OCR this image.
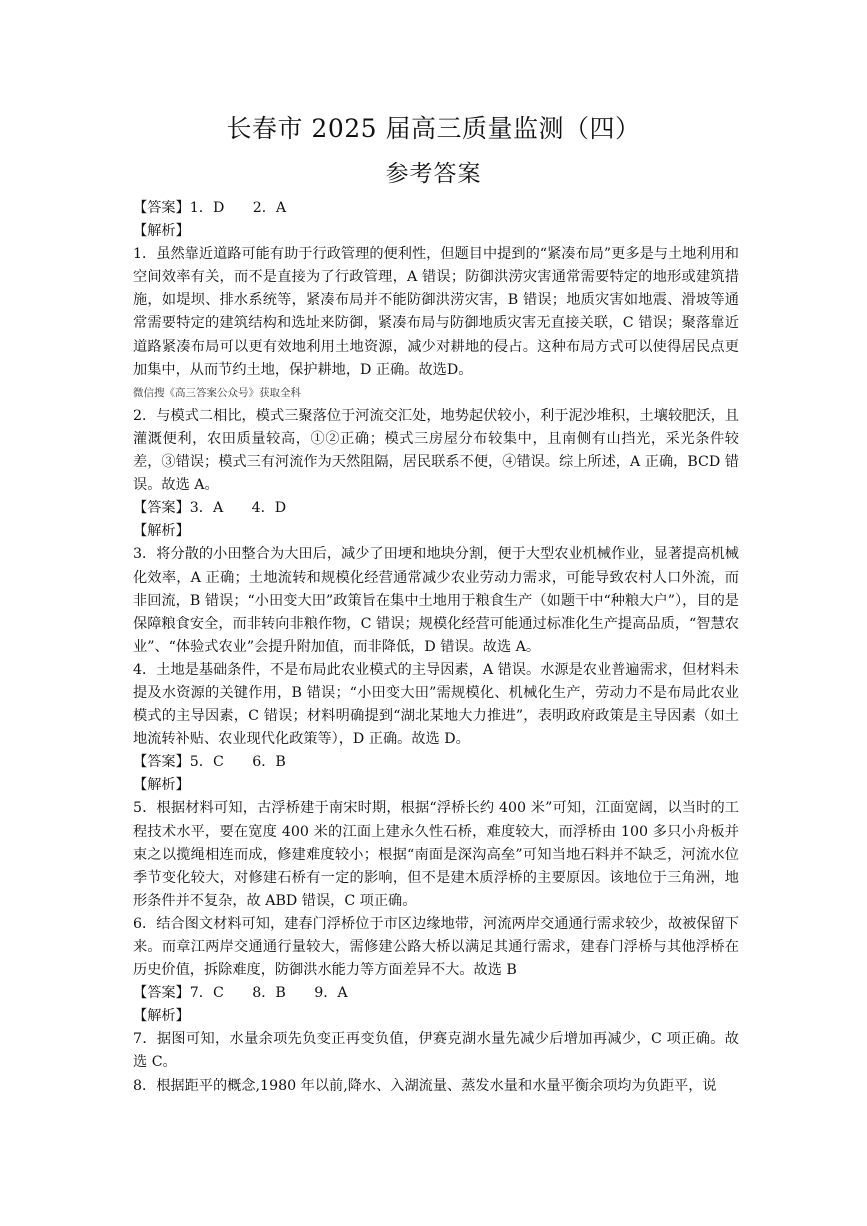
长春市 2025 届高三质量监测（四）
参考答案

【答案】1．D　　2．A

【解析】

1．虽然靠近道路可能有助于行政管理的便利性，但题目中提到的“紧凑布局”更多是与土地利用和空间效率有关，而不是直接为了行政管理，A 错误；防御洪涝灾害通常需要特定的地形或建筑措施，如堤坝、排水系统等，紧凑布局并不能防御洪涝灾害，B 错误；地质灾害如地震、滑坡等通常需要特定的建筑结构和选址来防御，紧凑布局与防御地质灾害无直接关联，C 错误；聚落靠近道路紧凑布局可以更有效地利用土地资源，减少对耕地的侵占。这种布局方式可以使得居民点更加集中，从而节约土地，保护耕地，D 正确。故选D。

微信搜《高三答案公众号》获取全科

2．与模式二相比，模式三聚落位于河流交汇处，地势起伏较小，利于泥沙堆积，土壤较肥沃，且灌溉便利，农田质量较高，①②正确；模式三房屋分布较集中，且南侧有山挡光，采光条件较差，③错误；模式三有河流作为天然阻隔，居民联系不便，④错误。综上所述，A 正确，BCD 错误。故选 A。

【答案】3．A　　4．D

【解析】

3．将分散的小田整合为大田后，减少了田埂和地块分割，便于大型农业机械作业，显著提高机械化效率，A 正确；土地流转和规模化经营通常减少农业劳动力需求，可能导致农村人口外流，而非回流，B 错误；“小田变大田”政策旨在集中土地用于粮食生产（如题干中“种粮大户”），目的是保障粮食安全，而非转向非粮作物，C 错误；规模化经营可能通过标准化生产提高品质，“智慧农业”、“体验式农业”会提升附加值，而非降低，D 错误。故选 A。

4．土地是基础条件，不是布局此农业模式的主导因素，A 错误。水源是农业普遍需求，但材料未提及水资源的关键作用，B 错误；“小田变大田”需规模化、机械化生产，劳动力不是布局此农业模式的主导因素，C 错误；材料明确提到“湖北某地大力推进”，表明政府政策是主导因素（如土地流转补贴、农业现代化政策等），D 正确。故选 D。

【答案】5．C　　6．B

【解析】

5．根据材料可知，古浮桥建于南宋时期，根据“浮桥长约 400 米”可知，江面宽阔，以当时的工程技术水平，要在宽度 400 米的江面上建永久性石桥，难度较大，而浮桥由 100 多只小舟板并束之以揽绳相连而成，修建难度较小；根据“南面是深沟高垒”可知当地石料并不缺乏，河流水位季节变化较大，对修建石桥有一定的影响，但不是建木质浮桥的主要原因。该地位于三角洲，地形条件并不复杂，故 ABD 错误，C 项正确。

6．结合图文材料可知，建春门浮桥位于市区边缘地带，河流两岸交通通行需求较少，故被保留下来。而章江两岸交通通行量较大，需修建公路大桥以满足其通行需求，建春门浮桥与其他浮桥在历史价值，拆除难度，防御洪水能力等方面差异不大。故选 B

【答案】7．C　　8．B　　9．A

【解析】

7．据图可知，水量余项先负变正再变负值，伊赛克湖水量先减少后增加再减少，C 项正确。故选 C。

8．根据距平的概念,1980 年以前,降水、入湖流量、蒸发水量和水量平衡余项均为负距平，说
